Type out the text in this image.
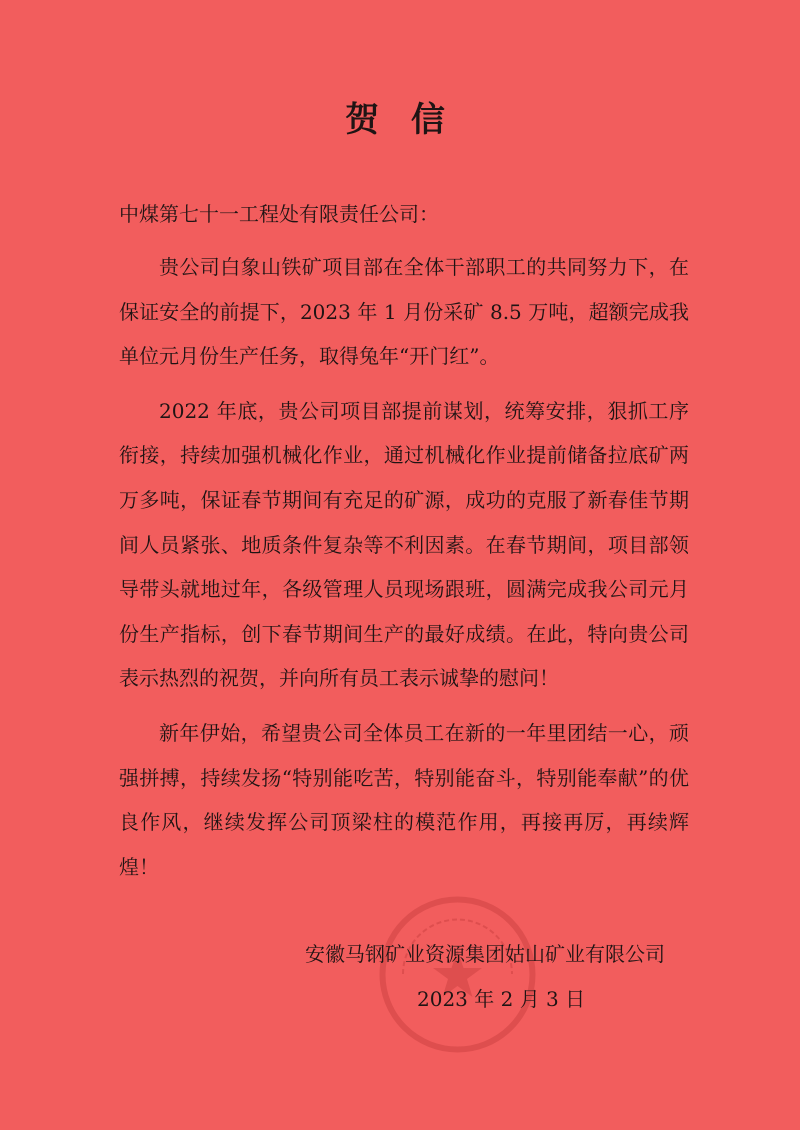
贺 信
中煤第七十一工程处有限责任公司：

贵公司白象山铁矿项目部在全体干部职工的共同努力下，在保证安全的前提下，2023 年 1 月份采矿 8.5 万吨，超额完成我单位元月份生产任务，取得兔年“开门红”。

2022 年底，贵公司项目部提前谋划，统筹安排，狠抓工序衔接，持续加强机械化作业，通过机械化作业提前储备拉底矿两万多吨，保证春节期间有充足的矿源，成功的克服了新春佳节期间人员紧张、地质条件复杂等不利因素。在春节期间，项目部领导带头就地过年，各级管理人员现场跟班，圆满完成我公司元月份生产指标，创下春节期间生产的最好成绩。在此，特向贵公司表示热烈的祝贺，并向所有员工表示诚挚的慰问！

新年伊始，希望贵公司全体员工在新的一年里团结一心，顽强拼搏，持续发扬“特别能吃苦，特别能奋斗，特别能奉献”的优良作风，继续发挥公司顶梁柱的模范作用，再接再厉，再续辉煌！

安徽马钢矿业资源集团姑山矿业有限公司
2023 年 2 月 3 日
